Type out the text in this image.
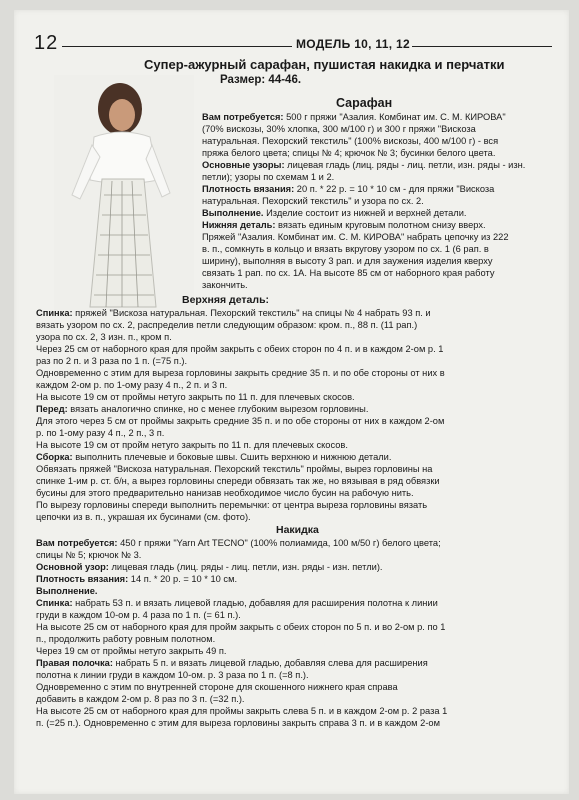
12	МОДЕЛЬ 10, 11, 12
Супер-ажурный сарафан, пушистая накидка и перчатки
Размер: 44-46.
Сарафан

Вам потребуется: 500 г пряжи "Азалия. Комбинат им. С. М. КИРОВА"

(70% вискозы, 30% хлопка, 300 м/100 г) и 300 г пряжи "Вискоза

натуральная. Пехорский текстиль" (100% вискозы, 400 м/100 г) - вся

пряжа белого цвета; спицы № 4; крючок № 3; бусинки белого цвета.

Основные узоры: лицевая гладь (лиц. ряды - лиц. петли, изн. ряды - изн.

петли); узоры по схемам 1 и 2.

Плотность вязания: 20 п. * 22 р. = 10 * 10 см - для пряжи "Вискоза

натуральная. Пехорский текстиль" и узора по сх. 2.

Выполнение. Изделие состоит из нижней и верхней детали.

Нижняя деталь: вязать единым круговым полотном снизу вверх.

Пряжей "Азалия. Комбинат им. С. М. КИРОВА" набрать цепочку из 222

в. п., сомкнуть в кольцо и вязать вкругову узором по сх. 1 (6 рап. в

ширину), выполняя в высоту 3 рап. и для заужения изделия кверху

связать 1 рап. по сх. 1А. На высоте 85 см от наборного края работу

закончить.

Верхняя деталь:

Спинка: пряжей "Вискоза натуральная. Пехорский текстиль" на спицы № 4 набрать 93 п. и

вязать узором по сх. 2, распределив петли следующим образом: кром. п., 88 п. (11 рап.)

узора по сх. 2, 3 изн. п., кром п.

Через 25 см от наборного края для пройм закрыть с обеих сторон по 4 п. и в каждом 2-ом р. 1

раз по 2 п. и 3 раза по 1 п. (=75 п.).

Одновременно с этим для выреза горловины закрыть средние 35 п. и по обе стороны от них в

каждом 2-ом р. по 1-ому разу 4 п., 2 п. и 3 п.

На высоте 19 см от проймы нетуго закрыть по 11 п. для плечевых скосов.

Перед: вязать аналогично спинке, но с менее глубоким вырезом горловины.

Для этого через 5 см от проймы закрыть средние 35 п. и по обе стороны от них в каждом 2-ом

р. по 1-ому разу 4 п., 2 п., 3 п.

На высоте 19 см от пройм нетуго закрыть по 11 п. для плечевых скосов.

Сборка: выполнить плечевые и боковые швы. Сшить верхнюю и нижнюю детали.

Обвязать пряжей "Вискоза натуральная. Пехорский текстиль" проймы, вырез горловины на

спинке 1-им р. ст. б/н, а вырез горловины спереди обвязать так же, но вязывая в ряд обвязки

бусины для этого предварительно нанизав необходимое число бусин на рабочую нить.

По вырезу горловины спереди выполнить перемычки: от центра выреза горловины вязать

цепочки из в. п., украшая их бусинами (см. фото).

Накидка

Вам потребуется: 450 г пряжи "Yarn Art TECNO" (100% полиамида, 100 м/50 г) белого цвета;

спицы № 5; крючок № 3.

Основной узор: лицевая гладь (лиц. ряды - лиц. петли, изн. ряды - изн. петли).

Плотность вязания: 14 п. * 20 р. = 10 * 10 см.

Выполнение.

Спинка: набрать 53 п. и вязать лицевой гладью, добавляя для расширения полотна к линии

груди в каждом 10-ом р. 4 раза по 1 п. (= 61 п.).

На высоте 25 см от наборного края для пройм закрыть с обеих сторон по 5 п. и во 2-ом р. по 1

п., продолжить работу ровным полотном.

Через 19 см от проймы нетуго закрыть 49 п.

Правая полочка: набрать 5 п. и вязать лицевой гладью, добавляя слева для расширения

полотна к линии груди в каждом 10-ом. р. 3 раза по 1 п. (=8 п.).

Одновременно с этим по внутренней стороне для скошенного нижнего края справа

добавить в каждом 2-ом р. 8 раз по 3 п. (=32 п.).

На высоте 25 см от наборного края для проймы закрыть слева 5 п. и в каждом 2-ом р. 2 раза 1

п. (=25 п.). Одновременно с этим для выреза горловины закрыть справа 3 п. и в каждом 2-ом
